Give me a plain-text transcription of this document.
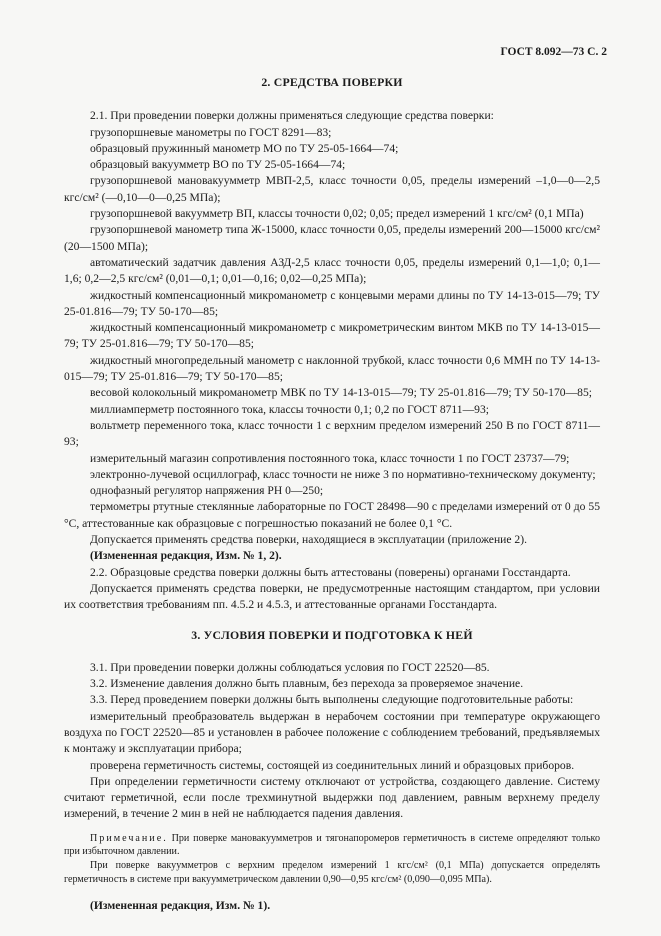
ГОСТ 8.092—73 С. 2
2. СРЕДСТВА ПОВЕРКИ

2.1. При проведении поверки должны применяться следующие средства поверки:

грузопоршневые манометры по ГОСТ 8291—83;

образцовый пружинный манометр МО по ТУ 25-05-1664—74;

образцовый вакуумметр ВО по ТУ 25-05-1664—74;

грузопоршневой мановакуумметр МВП-2,5, класс точности 0,05, пределы измерений –1,0—0—2,5 кгс/см² (—0,10—0—0,25 МПа);

грузопоршневой вакуумметр ВП, классы точности 0,02; 0,05; предел измерений 1 кгс/см² (0,1 МПа)

грузопоршневой манометр типа Ж-15000, класс точности 0,05, пределы измерений 200—15000 кгс/см² (20—1500 МПа);

автоматический задатчик давления АЗД-2,5 класс точности 0,05, пределы измерений 0,1—1,0; 0,1—1,6; 0,2—2,5 кгс/см² (0,01—0,1; 0,01—0,16; 0,02—0,25 МПа);

жидкостный компенсационный микроманометр с концевыми мерами длины по ТУ 14-13-015—79; ТУ 25-01.816—79; ТУ 50-170—85;

жидкостный компенсационный микроманометр с микрометрическим винтом МКВ по ТУ 14-13-015—79; ТУ 25-01.816—79; ТУ 50-170—85;

жидкостный многопредельный манометр с наклонной трубкой, класс точности 0,6 ММН по ТУ 14-13-015—79; ТУ 25-01.816—79; ТУ 50-170—85;

весовой колокольный микроманометр МВК по ТУ 14-13-015—79; ТУ 25-01.816—79; ТУ 50-170—85;

миллиамперметр постоянного тока, классы точности 0,1; 0,2 по ГОСТ 8711—93;

вольтметр переменного тока, класс точности 1 с верхним пределом измерений 250 В по ГОСТ 8711—93;

измерительный магазин сопротивления постоянного тока, класс точности 1 по ГОСТ 23737—79;

электронно-лучевой осциллограф, класс точности не ниже 3 по нормативно-техническому документу;

однофазный регулятор напряжения РН 0—250;

термометры ртутные стеклянные лабораторные по ГОСТ 28498—90 с пределами измерений от 0 до 55 °С, аттестованные как образцовые с погрешностью показаний не более 0,1 °С.

Допускается применять средства поверки, находящиеся в эксплуатации (приложение 2).

(Измененная редакция, Изм. № 1, 2).

2.2. Образцовые средства поверки должны быть аттестованы (поверены) органами Госстандарта.

Допускается применять средства поверки, не предусмотренные настоящим стандартом, при условии их соответствия требованиям пп. 4.5.2 и 4.5.3, и аттестованные органами Госстандарта.

3. УСЛОВИЯ ПОВЕРКИ И ПОДГОТОВКА К НЕЙ

3.1. При проведении поверки должны соблюдаться условия по ГОСТ 22520—85.

3.2. Изменение давления должно быть плавным, без перехода за проверяемое значение.

3.3. Перед проведением поверки должны быть выполнены следующие подготовительные работы:

измерительный преобразователь выдержан в нерабочем состоянии при температуре окружающего воздуха по ГОСТ 22520—85 и установлен в рабочее положение с соблюдением требований, предъявляемых к монтажу и эксплуатации прибора;

проверена герметичность системы, состоящей из соединительных линий и образцовых приборов.

При определении герметичности систему отключают от устройства, создающего давление. Систему считают герметичной, если после трехминутной выдержки под давлением, равным верхнему пределу измерений, в течение 2 мин в ней не наблюдается падения давления.

Примечание. При поверке мановакуумметров и тягонапоромеров герметичность в системе определяют только при избыточном давлении.

При поверке вакуумметров с верхним пределом измерений 1 кгс/см² (0,1 МПа) допускается определять герметичность в системе при вакуумметрическом давлении 0,90—0,95 кгс/см² (0,090—0,095 МПа).

(Измененная редакция, Изм. № 1).
